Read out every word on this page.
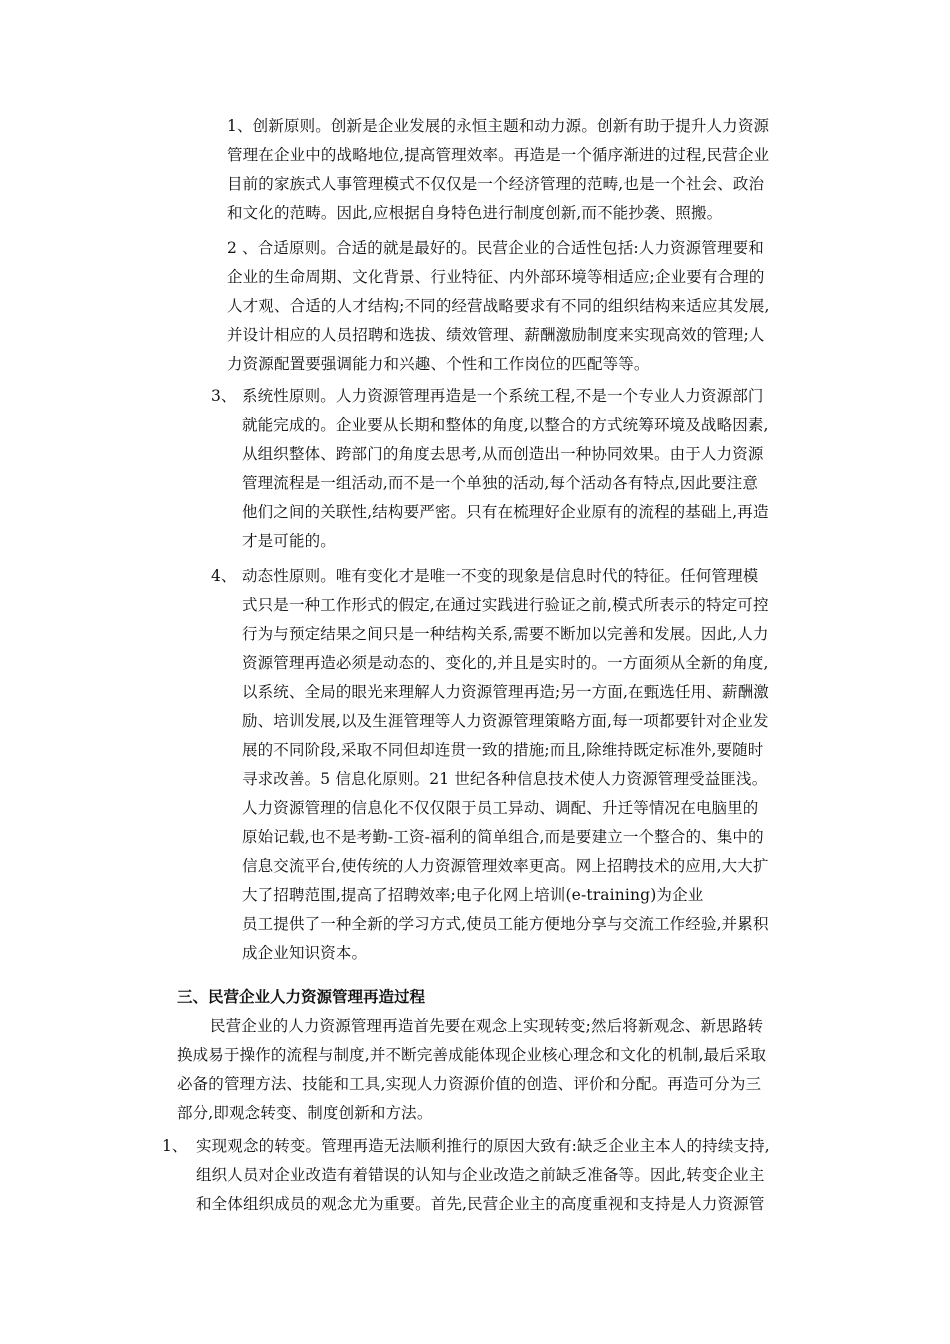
1、创新原则。创新是企业发展的永恒主题和动力源。创新有助于提升人力资源
管理在企业中的战略地位,提高管理效率。再造是一个循序渐进的过程,民营企业
目前的家族式人事管理模式不仅仅是一个经济管理的范畴,也是一个社会、政治
和文化的范畴。因此,应根据自身特色进行制度创新,而不能抄袭、照搬。
2 、合适原则。合适的就是最好的。民营企业的合适性包括:人力资源管理要和
企业的生命周期、文化背景、行业特征、内外部环境等相适应;企业要有合理的
人才观、合适的人才结构;不同的经营战略要求有不同的组织结构来适应其发展,
并设计相应的人员招聘和选拔、绩效管理、薪酬激励制度来实现高效的管理;人
力资源配置要强调能力和兴趣、个性和工作岗位的匹配等等。
3、 系统性原则。人力资源管理再造是一个系统工程,不是一个专业人力资源部门
就能完成的。企业要从长期和整体的角度,以整合的方式统筹环境及战略因素,
从组织整体、跨部门的角度去思考,从而创造出一种协同效果。由于人力资源
管理流程是一组活动,而不是一个单独的活动,每个活动各有特点,因此要注意
他们之间的关联性,结构要严密。只有在梳理好企业原有的流程的基础上,再造
才是可能的。
4、 动态性原则。唯有变化才是唯一不变的现象是信息时代的特征。任何管理模
式只是一种工作形式的假定,在通过实践进行验证之前,模式所表示的特定可控
行为与预定结果之间只是一种结构关系,需要不断加以完善和发展。因此,人力
资源管理再造必须是动态的、变化的,并且是实时的。一方面须从全新的角度,
以系统、全局的眼光来理解人力资源管理再造;另一方面,在甄选任用、薪酬激
励、培训发展,以及生涯管理等人力资源管理策略方面,每一项都要针对企业发
展的不同阶段,采取不同但却连贯一致的措施;而且,除维持既定标准外,要随时
寻求改善。5 信息化原则。21 世纪各种信息技术使人力资源管理受益匪浅。
人力资源管理的信息化不仅仅限于员工异动、调配、升迁等情况在电脑里的
原始记载,也不是考勤-工资-福利的简单组合,而是要建立一个整合的、集中的
信息交流平台,使传统的人力资源管理效率更高。网上招聘技术的应用,大大扩
大了招聘范围,提高了招聘效率;电子化网上培训(e-training)为企业
员工提供了一种全新的学习方式,使员工能方便地分享与交流工作经验,并累积
成企业知识资本。
三、民营企业人力资源管理再造过程
民营企业的人力资源管理再造首先要在观念上实现转变;然后将新观念、新思路转
换成易于操作的流程与制度,并不断完善成能体现企业核心理念和文化的机制,最后采取
必备的管理方法、技能和工具,实现人力资源价值的创造、评价和分配。再造可分为三
部分,即观念转变、制度创新和方法。
1、 实现观念的转变。管理再造无法顺利推行的原因大致有:缺乏企业主本人的持续支持,
组织人员对企业改造有着错误的认知与企业改造之前缺乏准备等。因此,转变企业主
和全体组织成员的观念尤为重要。首先,民营企业主的高度重视和支持是人力资源管
